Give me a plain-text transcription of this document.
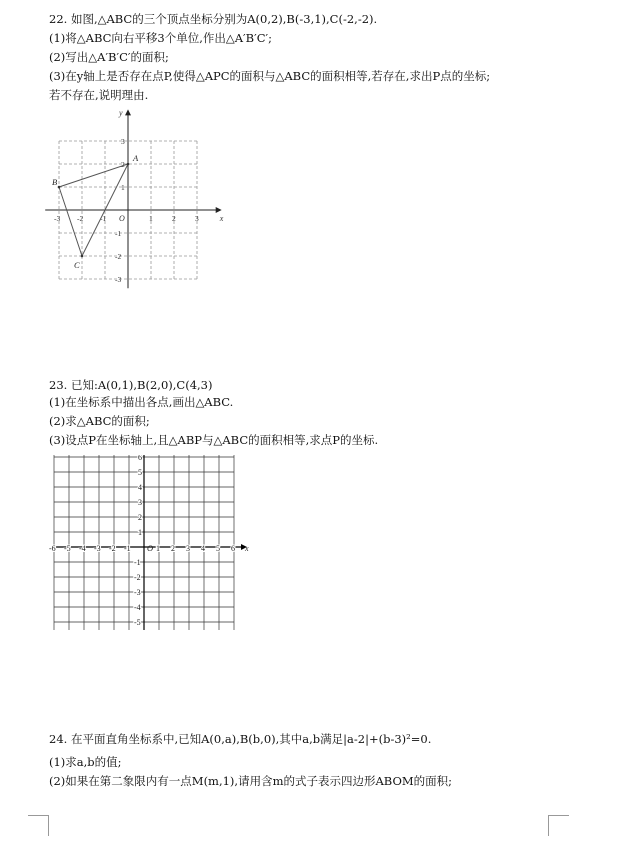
22. 如图,△ABC的三个顶点坐标分别为A(0,2),B(-3,1),C(-2,-2).
(1)将△ABC向右平移3个单位,作出△A′B′C′;
(2)写出△A′B′C′的面积;
(3)在y轴上是否存在点P,使得△APC的面积与△ABC的面积相等,若存在,求出P点的坐标;
若不存在,说明理由.
x
y
O
-3 -2 -1	1	2	3
3
2
1
-1
-2
-3
A
B
C
23. 已知:A(0,1),B(2,0),C(4,3)
(1)在坐标系中描出各点,画出△ABC.
(2)求△ABC的面积;
(3)设点P在坐标轴上,且△ABP与△ABC的面积相等,求点P的坐标.
x
O
-6 -5 -4 -3 -2 -1	1 2 3 4 5 6
6
5
4
3
2
1
-1
-2
-3
-4
-5
24. 在平面直角坐标系中,已知A(0,a),B(b,0),其中a,b满足|a-2|+(b-3)²=0.
(1)求a,b的值;
(2)如果在第二象限内有一点M(m,1),请用含m的式子表示四边形ABOM的面积;
